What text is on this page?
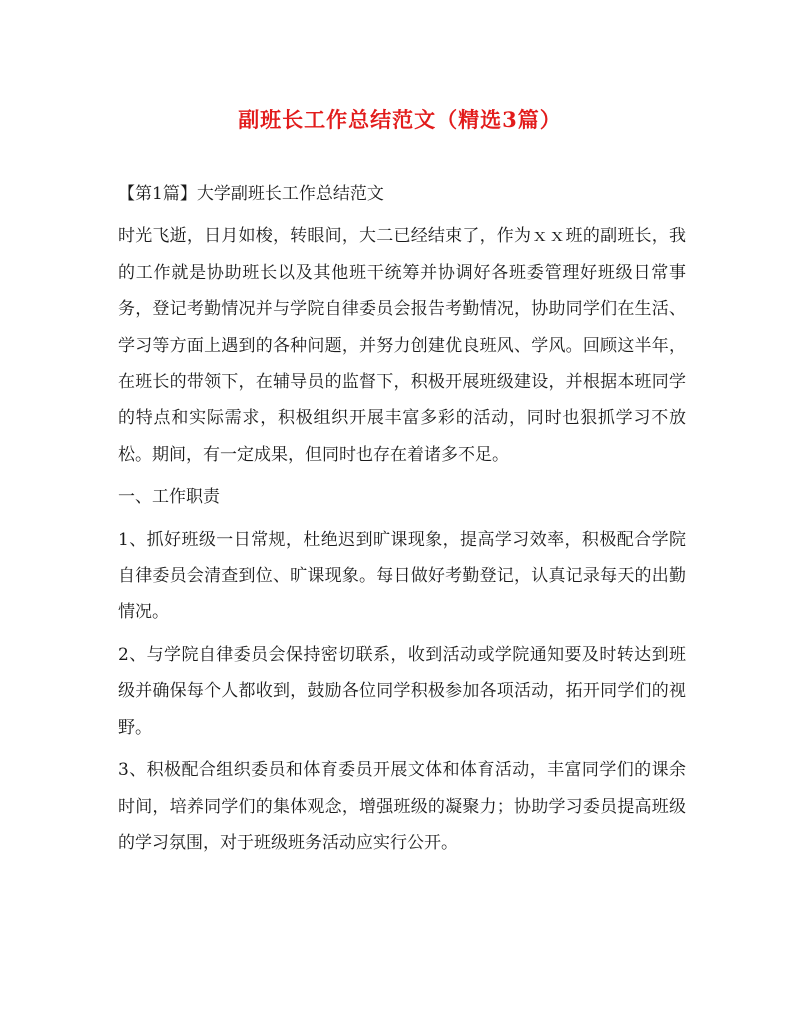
副班长工作总结范文（精选3篇）

【第1篇】大学副班长工作总结范文

时光飞逝，日月如梭，转眼间，大二已经结束了，作为ｘｘ班的副班长，我的工作就是协助班长以及其他班干统筹并协调好各班委管理好班级日常事务，登记考勤情况并与学院自律委员会报告考勤情况，协助同学们在生活、学习等方面上遇到的各种问题，并努力创建优良班风、学风。回顾这半年，在班长的带领下，在辅导员的监督下，积极开展班级建设，并根据本班同学的特点和实际需求，积极组织开展丰富多彩的活动，同时也狠抓学习不放松。期间，有一定成果，但同时也存在着诸多不足。

一、工作职责

1、抓好班级一日常规，杜绝迟到旷课现象，提高学习效率，积极配合学院自律委员会清查到位、旷课现象。每日做好考勤登记，认真记录每天的出勤情况。

2、与学院自律委员会保持密切联系，收到活动或学院通知要及时转达到班级并确保每个人都收到，鼓励各位同学积极参加各项活动，拓开同学们的视野。

3、积极配合组织委员和体育委员开展文体和体育活动，丰富同学们的课余时间，培养同学们的集体观念，增强班级的凝聚力；协助学习委员提高班级的学习氛围，对于班级班务活动应实行公开。
